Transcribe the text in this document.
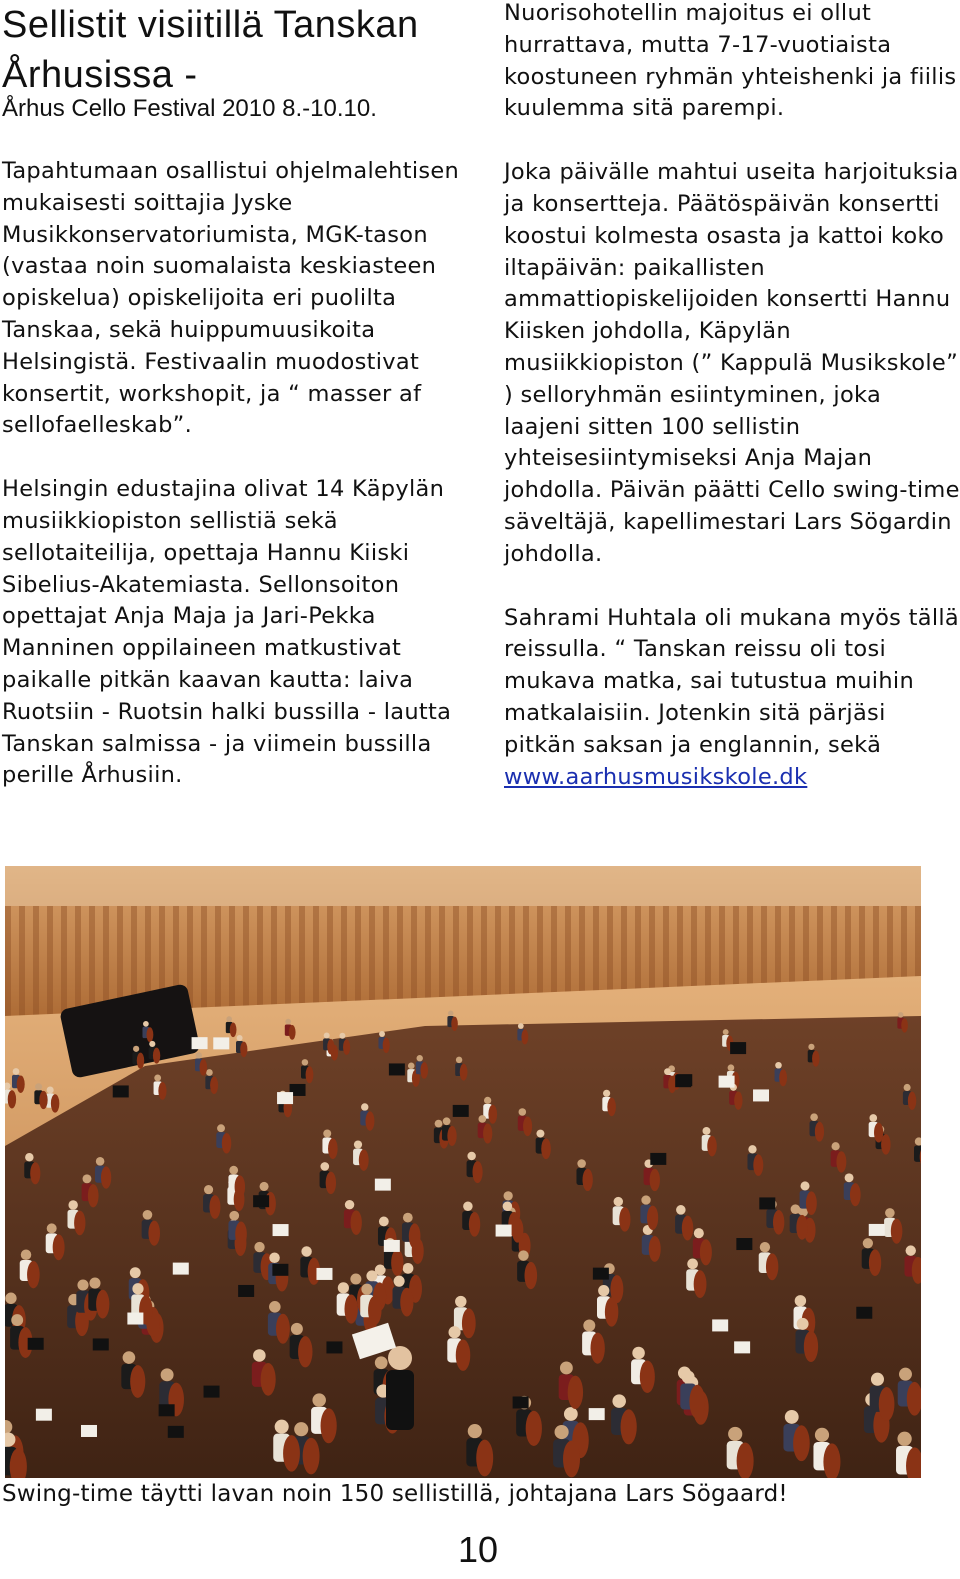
Sellistit visiitillä Tanskan Århusissa -
Århus Cello Festival 2010 8.-10.10.

Tapahtumaan osallistui ohjelmalehtisen mukaisesti soittajia Jyske Musikkonservatoriumista, MGK-tason (vastaa noin suomalaista keskiasteen opiskelua) opiskelijoita eri puolilta Tanskaa, sekä huippumuusikoita Helsingistä. Festivaalin muodostivat konsertit, workshopit, ja “ masser af sellofaelleskab”.

Helsingin edustajina olivat 14 Käpylän musiikkiopiston sellistiä sekä sellotaiteilija, opettaja Hannu Kiiski Sibelius-Akatemiasta. Sellonsoiton opettajat Anja Maja ja Jari-Pekka Manninen oppilaineen matkustivat paikalle pitkän kaavan kautta: laiva Ruotsiin - Ruotsin halki bussilla - lautta Tanskan salmissa - ja viimein bussilla perille Århusiin.

Nuorisohotellin majoitus ei ollut hurrattava, mutta 7-17-vuotiaista koostuneen ryhmän yhteishenki ja fiilis kuulemma sitä parempi.

Joka päivälle mahtui useita harjoituksia ja konsertteja. Päätöspäivän konsertti koostui kolmesta osasta ja kattoi koko iltapäivän: paikallisten ammattiopiskelijoiden konsertti Hannu Kiisken johdolla, Käpylän musiikkiopiston (” Kappulä Musikskole” ) selloryhmän esiintyminen, joka laajeni sitten 100 sellistin yhteisesiintymiseksi Anja Majan johdolla. Päivän päätti Cello swing-time säveltäjä, kapellimestari Lars Sögardin johdolla.

Sahrami Huhtala oli mukana myös tällä reissulla. “ Tanskan reissu oli tosi mukava matka, sai tutustua muihin matkalaisiin. Jotenkin sitä pärjäsi pitkän saksan ja englannin, sekä

www.aarhusmusikskole.dk

Swing-time täytti lavan noin 150 sellistillä, johtajana Lars Sögaard!
10
